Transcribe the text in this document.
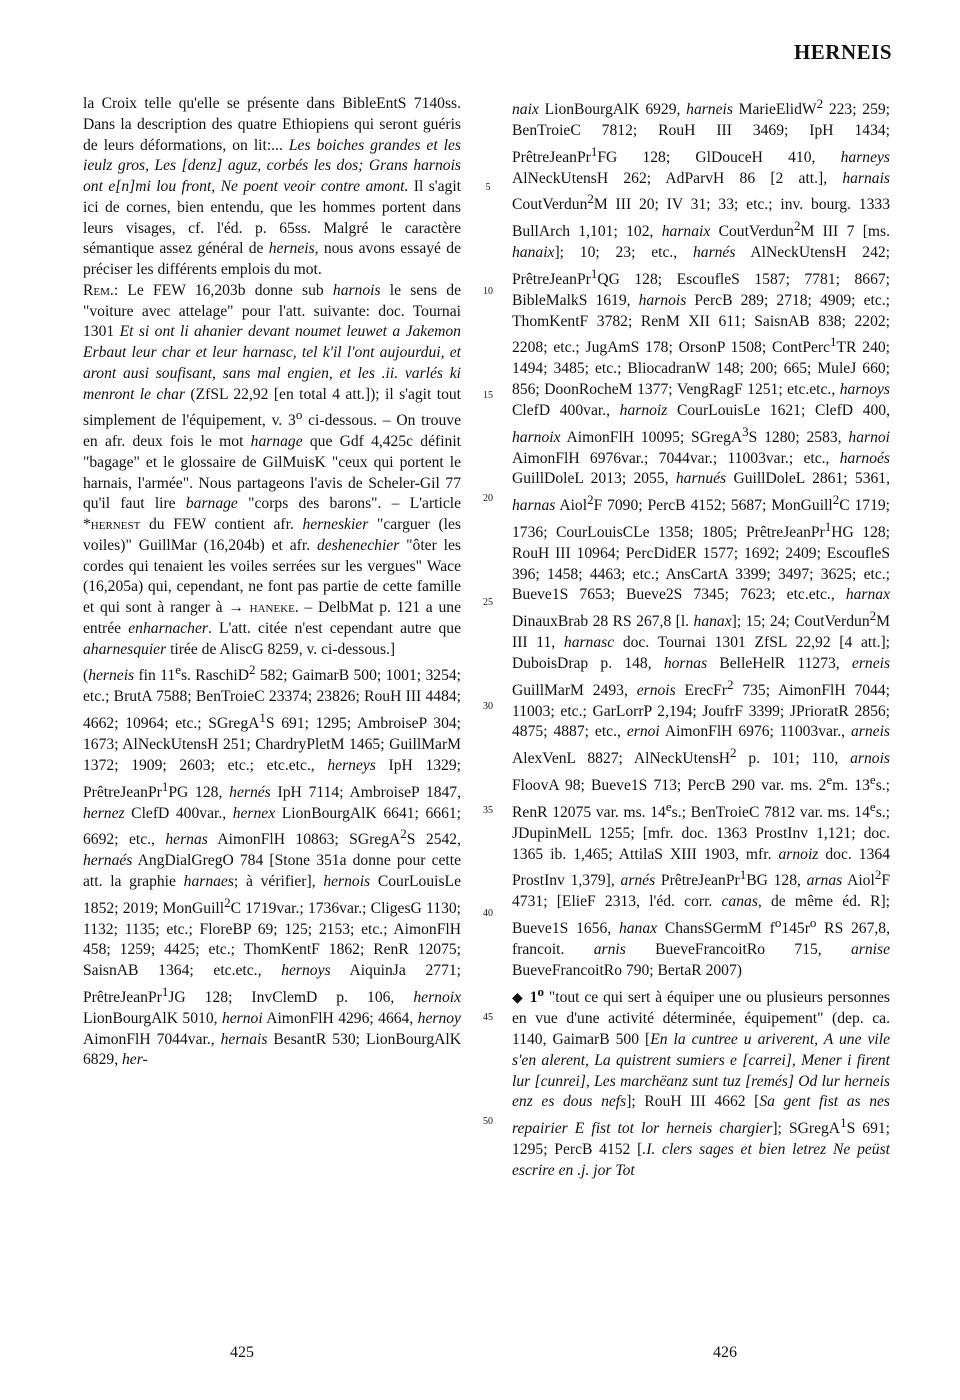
HERNEIS

la Croix telle qu'elle se présente dans BibleEntS 7140ss. Dans la description des quatre Ethiopiens qui seront guéris de leurs déformations, on lit:... Les boiches grandes et les ieulz gros, Les [denz] aguz, corbés les dos; Grans harnois ont e[n]mi lou front, Ne poent veoir contre amont. Il s'agit ici de cornes, bien entendu, que les hommes portent dans leurs visages, cf. l'éd. p. 65ss. Malgré le caractère sémantique assez général de herneis, nous avons essayé de préciser les différents emplois du mot.

Rem.: Le FEW 16,203b donne sub harnois le sens de "voiture avec attelage" pour l'att. suivante: doc. Tournai 1301 Et si ont li ahanier devant noumet leuwet a Jakemon Erbaut leur char et leur harnasc, tel k'il l'ont aujourdui, et aront ausi soufisant, sans mal engien, et les .ii. varlés ki menront le char (ZfSL 22,92 [en total 4 att.]); il s'agit tout simplement de l'équipement, v. 3$^o$ ci-dessous. – On trouve en afr. deux fois le mot harnage que Gdf 4,425c définit "bagage" et le glossaire de GilMuisK "ceux qui portent le harnais, l'armée". Nous partageons l'avis de Scheler-Gil 77 qu'il faut lire barnage "corps des barons". – L'article *hernest du FEW contient afr. herneskier "carguer (les voiles)" GuillMar (16,204b) et afr. deshenechier "ôter les cordes qui tenaient les voiles serrées sur les vergues" Wace (16,205a) qui, cependant, ne font pas partie de cette famille et qui sont à ranger à → haneke. – DelbMat p. 121 a une entrée enharnacher. L'att. citée n'est cependant autre que aharnesquier tirée de AliscG 8259, v. ci-dessous.]

(herneis fin 11es. RaschiD$^2$ 582; GaimarB 500; 1001; 3254; etc.; BrutA 7588; BenTroieC 23374; 23826; RouH III 4484; 4662; 10964; etc.; SGregA$^1$S 691; 1295; AmbroiseP 304; 1673; AlNeckUtensH 251; ChardryPletM 1465; GuillMarM 1372; 1909; 2603; etc.; etc.etc., herneys IpH 1329; PrêtreJeanPr$^1$PG 128, hernés IpH 7114; AmbroiseP 1847, hernez ClefD 400var., hernex LionBourgAlK 6641; 6661; 6692; etc., hernas AimonFlH 10863; SGregA$^2$S 2542, hernaés AngDialGregO 784 [Stone 351a donne pour cette att. la graphie harnaes; à vérifier], hernois CourLouisLe 1852; 2019; MonGuill$^2$C 1719var.; 1736var.; CligesG 1130; 1132; 1135; etc.; FloreBP 69; 125; 2153; etc.; AimonFlH 458; 1259; 4425; etc.; ThomKentF 1862; RenR 12075; SaisnAB 1364; etc.etc., hernoys AiquinJa 2771; PrêtreJeanPr$^1$JG 128; InvClemD p. 106, hernoix LionBourgAlK 5010, hernoi AimonFlH 4296; 4664, hernoy AimonFlH 7044var., hernais BesantR 530; LionBourgAlK 6829, her-

5
10
15
20
25
30
35
40
45
50

naix LionBourgAlK 6929, harneis MarieElidW$^2$ 223; 259; BenTroieC 7812; RouH III 3469; IpH 1434; PrêtreJeanPr$^1$FG 128; GlDouceH 410, harneys AlNeckUtensH 262; AdParvH 86 [2 att.], harnais CoutVerdun$^2$M III 20; IV 31; 33; etc.; inv. bourg. 1333 BullArch 1,101; 102, harnaix CoutVerdun$^2$M III 7 [ms. hanaix]; 10; 23; etc., harnés AlNeckUtensH 242; PrêtreJeanPr$^1$QG 128; EscoufleS 1587; 7781; 8667; BibleMalkS 1619, harnois PercB 289; 2718; 4909; etc.; ThomKentF 3782; RenM XII 611; SaisnAB 838; 2202; 2208; etc.; JugAmS 178; OrsonP 1508; ContPerc$^1$TR 240; 1494; 3485; etc.; BliocadranW 148; 200; 665; MuleJ 660; 856; DoonRocheM 1377; VengRagF 1251; etc.etc., harnoys ClefD 400var., harnoiz CourLouisLe 1621; ClefD 400, harnoix AimonFlH 10095; SGregA$^3$S 1280; 2583, harnoi AimonFlH 6976var.; 7044var.; 11003var.; etc., harnoés GuillDoleL 2013; 2055, harnués GuillDoleL 2861; 5361, harnas Aiol$^2$F 7090; PercB 4152; 5687; MonGuill$^2$C 1719; 1736; CourLouisCLe 1358; 1805; PrêtreJeanPr$^1$HG 128; RouH III 10964; PercDidER 1577; 1692; 2409; EscoufleS 396; 1458; 4463; etc.; AnsCartA 3399; 3497; 3625; etc.; Bueve1S 7653; Bueve2S 7345; 7623; etc.etc., harnax DinauxBrab 28 RS 267,8 [l. hanax]; 15; 24; CoutVerdun$^2$M III 11, harnasc doc. Tournai 1301 ZfSL 22,92 [4 att.]; DuboisDrap p. 148, hornas BelleHelR 11273, erneis GuillMarM 2493, ernois ErecFr$^2$ 735; AimonFlH 7044; 11003; etc.; GarLorrP 2,194; JoufrF 3399; JPrioratR 2856; 4875; 4887; etc., ernoi AimonFlH 6976; 11003var., arneis AlexVenL 8827; AlNeckUtensH$^2$ p. 101; 110, arnois FloovA 98; Bueve1S 713; PercB 290 var. ms. 2em. 13es.; RenR 12075 var. ms. 14es.; BenTroieC 7812 var. ms. 14es.; JDupinMelL 1255; [mfr. doc. 1363 ProstInv 1,121; doc. 1365 ib. 1,465; AttilaS XIII 1903, mfr. arnoiz doc. 1364 ProstInv 1,379], arnés PrêtreJeanPr$^1$BG 128, arnas Aiol$^2$F 4731; [ElieF 2313, l'éd. corr. canas, de même éd. R]; Bueve1S 1656, hanax ChansSGermM $f^o145r^o$ RS 267,8, francoit. arnis BueveFrancoitRo 715, arnise BueveFrancoitRo 790; BertaR 2007)

◆ 1$^o$ "tout ce qui sert à équiper une ou plusieurs personnes en vue d'une activité déterminée, équipement" (dep. ca. 1140, GaimarB 500 [En la cuntree u ariverent, A une vile s'en alerent, La quistrent sumiers e [carrei], Mener i firent lur [cunrei], Les marchëanz sunt tuz [remés] Od lur herneis enz es dous nefs]; RouH III 4662 [Sa gent fist as nes repairier E fist tot lor herneis chargier]; SGregA$^1$S 691; 1295; PercB 4152 [.I. clers sages et bien letrez Ne peüst escrire en .j. jor Tot

425	426
